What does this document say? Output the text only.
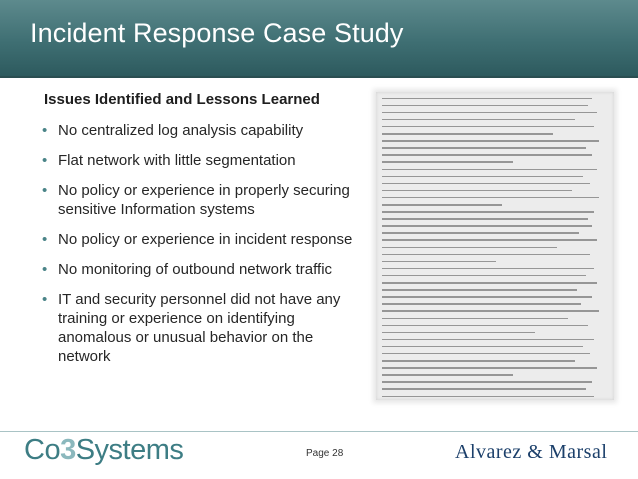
Incident Response Case Study
Issues Identified and Lessons Learned
• No centralized log analysis capability
• Flat network with little segmentation
• No policy or experience in properly securing sensitive Information systems
• No policy or experience in incident response
• No monitoring of outbound network traffic
• IT and security personnel did not have any training or experience on identifying anomalous or unusual behavior on the network
Co3Systems	Page 28	Alvarez & Marsal
